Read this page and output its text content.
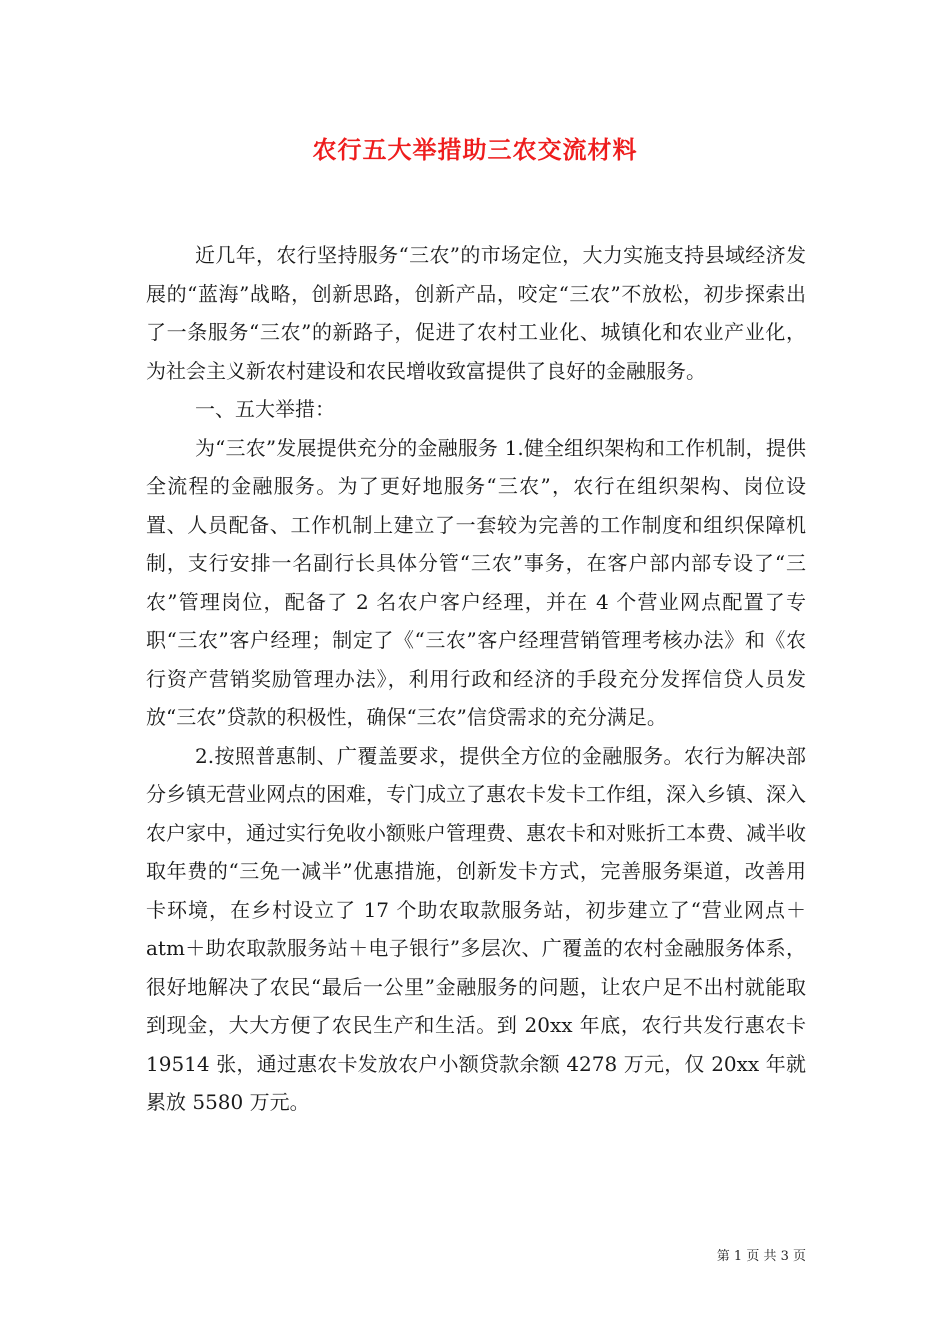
农行五大举措助三农交流材料

近几年，农行坚持服务“三农”的市场定位，大力实施支持县域经济发展的“蓝海”战略，创新思路，创新产品，咬定“三农”不放松，初步探索出了一条服务“三农”的新路子，促进了农村工业化、城镇化和农业产业化，为社会主义新农村建设和农民增收致富提供了良好的金融服务。

一、五大举措：

为“三农”发展提供充分的金融服务 1.健全组织架构和工作机制，提供全流程的金融服务。为了更好地服务“三农”，农行在组织架构、岗位设置、人员配备、工作机制上建立了一套较为完善的工作制度和组织保障机制，支行安排一名副行长具体分管“三农”事务，在客户部内部专设了“三农”管理岗位，配备了 2 名农户客户经理，并在 4 个营业网点配置了专职“三农”客户经理；制定了《“三农”客户经理营销管理考核办法》和《农行资产营销奖励管理办法》，利用行政和经济的手段充分发挥信贷人员发放“三农”贷款的积极性，确保“三农”信贷需求的充分满足。

2.按照普惠制、广覆盖要求，提供全方位的金融服务。农行为解决部分乡镇无营业网点的困难，专门成立了惠农卡发卡工作组，深入乡镇、深入农户家中，通过实行免收小额账户管理费、惠农卡和对账折工本费、减半收取年费的“三免一减半”优惠措施，创新发卡方式，完善服务渠道，改善用卡环境，在乡村设立了 17 个助农取款服务站，初步建立了“营业网点＋atm＋助农取款服务站＋电子银行”多层次、广覆盖的农村金融服务体系，很好地解决了农民“最后一公里”金融服务的问题，让农户足不出村就能取到现金，大大方便了农民生产和生活。到 20xx 年底，农行共发行惠农卡19514 张，通过惠农卡发放农户小额贷款余额 4278 万元，仅 20xx 年就累放 5580 万元。

第 1 页 共 3 页
